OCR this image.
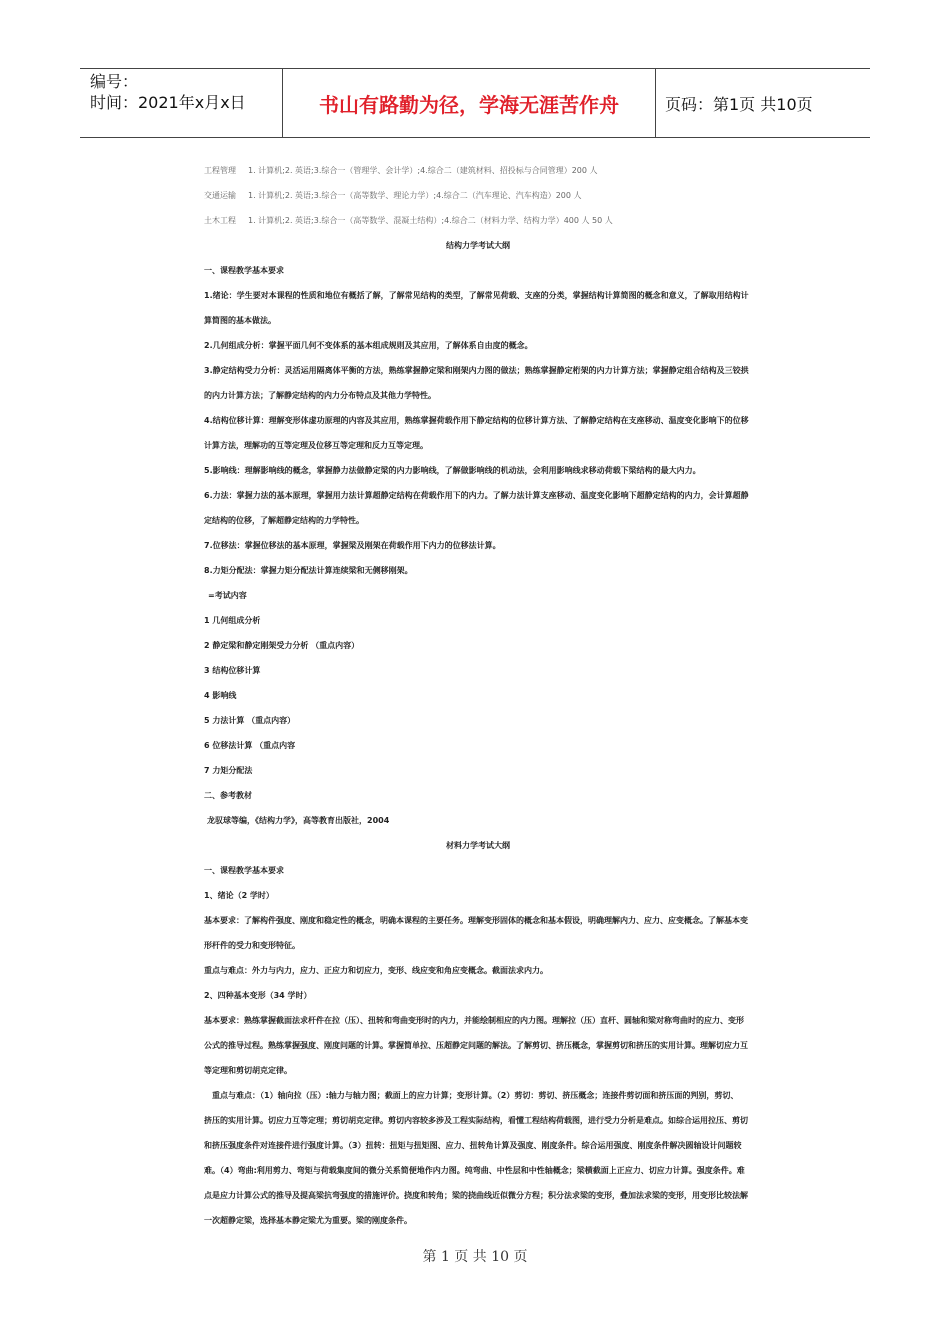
编号：
时间：2021年x月x日	书山有路勤为径，学海无涯苦作舟	页码：第1页 共10页
工程管理 1. 计算机;2. 英语;3.综合一（管理学、会计学）;4.综合二（建筑材料、招投标与合同管理）200 人
交通运输 1. 计算机;2. 英语;3.综合一（高等数学、理论力学）;4.综合二（汽车理论、汽车构造）200 人
土木工程 1. 计算机;2. 英语;3.综合一（高等数学、混凝土结构）;4.综合二（材料力学、结构力学）400 人 50 人
结构力学考试大纲
一、课程教学基本要求
1.绪论：学生要对本课程的性质和地位有概括了解，了解常见结构的类型，了解常见荷载、支座的分类，掌握结构计算简图的概念和意义，了解取用结构计
算简图的基本做法。
2.几何组成分析：掌握平面几何不变体系的基本组成规则及其应用，了解体系自由度的概念。
3.静定结构受力分析：灵活运用隔离体平衡的方法，熟练掌握静定梁和刚架内力图的做法；熟练掌握静定桁架的内力计算方法；掌握静定组合结构及三铰拱
的内力计算方法；了解静定结构的内力分布特点及其他力学特性。
4.结构位移计算：理解变形体虚功原理的内容及其应用，熟练掌握荷载作用下静定结构的位移计算方法、了解静定结构在支座移动、温度变化影响下的位移
计算方法，理解功的互等定理及位移互等定理和反力互等定理。
5.影响线：理解影响线的概念，掌握静力法做静定梁的内力影响线，了解做影响线的机动法，会利用影响线求移动荷载下梁结构的最大内力。
6.力法：掌握力法的基本原理，掌握用力法计算超静定结构在荷载作用下的内力。了解力法计算支座移动、温度变化影响下超静定结构的内力，会计算超静
定结构的位移，了解超静定结构的力学特性。
7.位移法：掌握位移法的基本原理，掌握梁及刚架在荷载作用下内力的位移法计算。
8.力矩分配法：掌握力矩分配法计算连续梁和无侧移刚架。
=考试内容
1 几何组成分析
2 静定梁和静定刚架受力分析 （重点内容）
3 结构位移计算
4 影响线
5 力法计算 （重点内容）
6 位移法计算 （重点内容
7 力矩分配法
二、参考教材
龙驭球等编，《结构力学》，高等教育出版社，2004
材料力学考试大纲
一、课程教学基本要求
1、绪论（2 学时）
基本要求：了解构件强度、刚度和稳定性的概念，明确本课程的主要任务。理解变形固体的概念和基本假设，明确理解内力、应力、应变概念。了解基本变
形杆件的受力和变形特征。
重点与难点：外力与内力，应力、正应力和切应力，变形、线应变和角应变概念。截面法求内力。
2、四种基本变形（34 学时）
基本要求：熟练掌握截面法求杆件在拉（压）、扭转和弯曲变形时的内力，并能绘制相应的内力图。理解拉（压）直杆、圆轴和梁对称弯曲时的应力、变形
公式的推导过程。熟练掌握强度、刚度问题的计算。掌握简单拉、压超静定问题的解法。了解剪切、挤压概念，掌握剪切和挤压的实用计算。理解切应力互
等定理和剪切胡克定律。
重点与难点：（1）轴向拉（压）:轴力与轴力图；截面上的应力计算；变形计算。（2）剪切：剪切、挤压概念；连接件剪切面和挤压面的判别，剪切、
挤压的实用计算。切应力互等定理；剪切胡克定律。剪切内容较多涉及工程实际结构，看懂工程结构荷载图，进行受力分析是难点。如综合运用拉压、剪切
和挤压强度条件对连接件进行强度计算。（3）扭转：扭矩与扭矩图、应力、扭转角计算及强度、刚度条件。综合运用强度、刚度条件解决圆轴设计问题较
难。（4）弯曲:利用剪力、弯矩与荷载集度间的微分关系简便地作内力图。纯弯曲、中性层和中性轴概念；梁横截面上正应力、切应力计算。强度条件。难
点是应力计算公式的推导及提高梁抗弯强度的措施评价。挠度和转角；梁的挠曲线近似微分方程；积分法求梁的变形，叠加法求梁的变形，用变形比较法解
一次超静定梁，选择基本静定梁尤为重要。梁的刚度条件。
第 1 页 共 10 页
